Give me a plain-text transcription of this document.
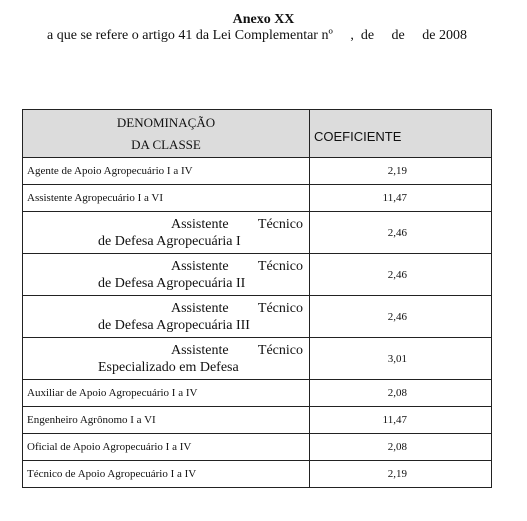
Anexo XX

a que se refere o artigo 41 da Lei Complementar nº     ,  de     de     de 2008

DENOMINAÇÃO
DA CLASSE	COEFICIENTE
Agente de Apoio Agropecuário I a IV	2,19
Assistente Agropecuário I a VI	11,47

Assistente Técnico
de Defesa Agropecuária I	2,46

Assistente Técnico
de Defesa Agropecuária II	2,46

Assistente Técnico
de Defesa Agropecuária III	2,46

Assistente Técnico
Especializado em Defesa	3,01
Auxiliar de Apoio Agropecuário I a IV	2,08
Engenheiro Agrônomo I a VI	11,47
Oficial de Apoio Agropecuário I a IV	2,08
Técnico de Apoio Agropecuário I a IV	2,19
